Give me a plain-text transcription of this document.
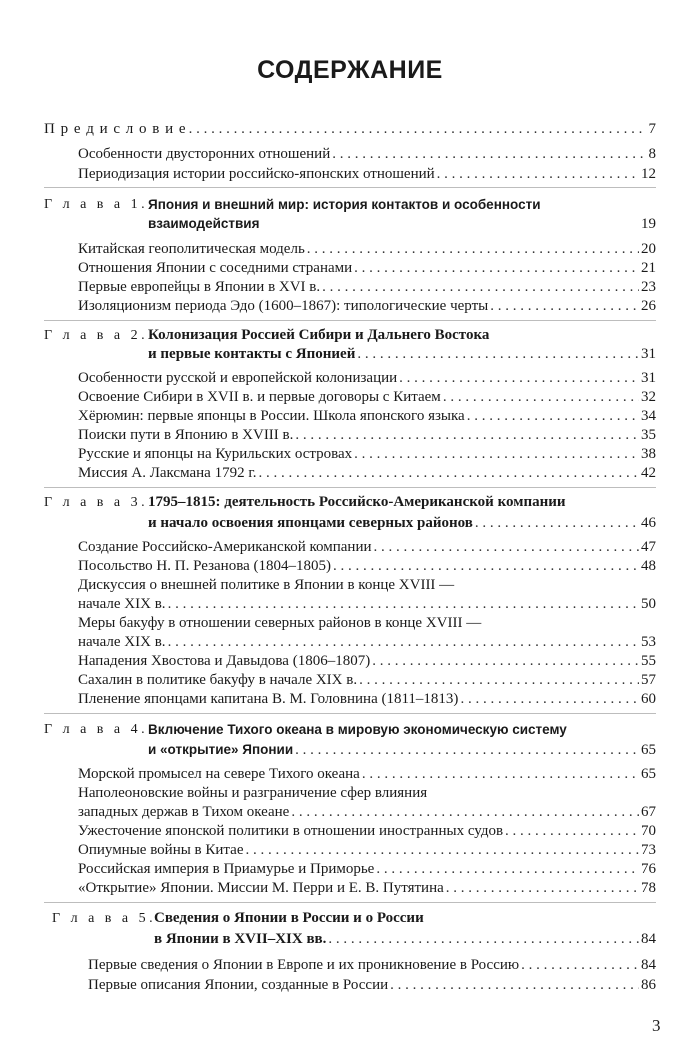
СОДЕРЖАНИЕ
П р е д и с л о в и е . . .	7
Особенности двусторонних отношений . . .	8
Периодизация истории российско-японских отношений . . .	12
Г л а в а 1. Япония и внешний мир: история контактов и особенности
взаимодействия	19
Китайская геополитическая модель . . .	20
Отношения Японии с соседними странами . . .	21
Первые европейцы в Японии в XVI в. . . .	23
Изоляционизм периода Эдо (1600–1867): типологические черты . . .	26
Г л а в а 2. Колонизация Россией Сибири и Дальнего Востока
и первые контакты с Японией . . .	31
Особенности русской и европейской колонизации . . .	31
Освоение Сибири в XVII в. и первые договоры с Китаем . . .	32
Хёрюмин: первые японцы в России. Школа японского языка . . .	34
Поиски пути в Японию в XVIII в. . . .	35
Русские и японцы на Курильских островах . . .	38
Миссия А. Лаксмана 1792 г. . . .	42
Г л а в а 3. 1795–1815: деятельность Российско-Американской компании
и начало освоения японцами северных районов . . .	46
Создание Российско-Американской компании . . .	47
Посольство Н. П. Резанова (1804–1805) . . .	48
Дискуссия о внешней политике в Японии в конце XVIII —
начале XIX в. . . .	50
Меры бакуфу в отношении северных районов в конце XVIII —
начале XIX в. . . .	53
Нападения Хвостова и Давыдова (1806–1807) . . .	55
Сахалин в политике бакуфу в начале XIX в. . . .	57
Пленение японцами капитана В. М. Головнина (1811–1813) . . .	60
Г л а в а 4. Включение Тихого океана в мировую экономическую систему
и «открытие» Японии . . .	65
Морской промысел на севере Тихого океана . . .	65
Наполеоновские войны и разграничение сфер влияния
западных держав в Тихом океане . . .	67
Ужесточение японской политики в отношении иностранных судов . . .	70
Опиумные войны в Китае . . .	73
Российская империя в Приамурье и Приморье . . .	76
«Открытие» Японии. Миссии М. Перри и Е. В. Путятина . . .	78
Г л а в а 5.
Сведения о Японии в России и о России
в Японии в XVII–XIX вв. . . .	84
Первые сведения о Японии в Европе и их проникновение в Россию . . .	84
Первые описания Японии, созданные в России . . .	86
3
